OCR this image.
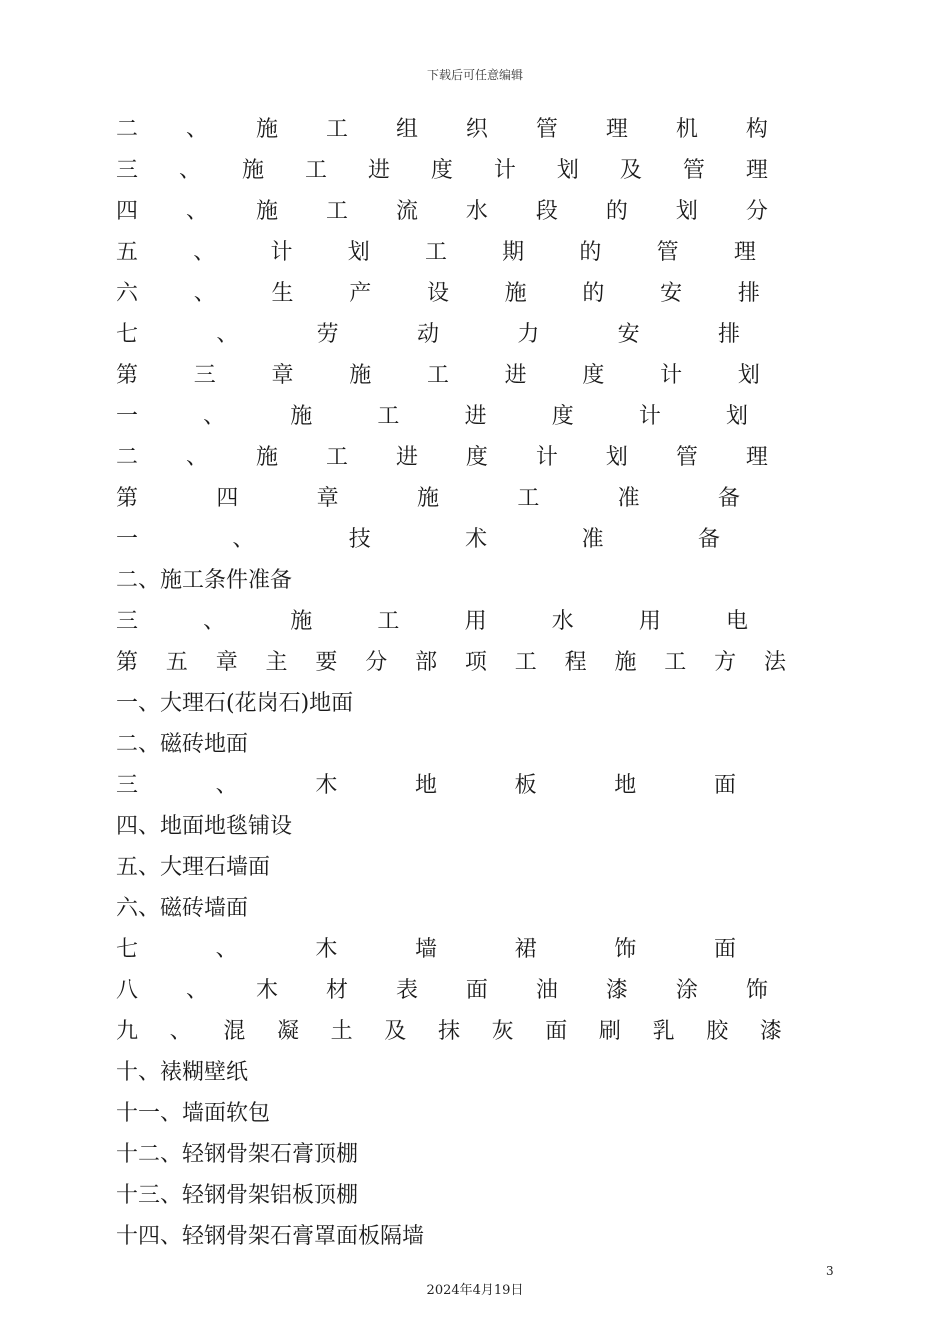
下载后可任意编辑
二 、 施 工 组 织 管 理 机 构
三 、 施 工 进 度 计 划 及 管 理
四 、 施 工 流 水 段 的 划 分
五	、	计	划	工	期	的	管	理
六	、	生	产	设	施	的	安	排
七	、	劳	动	力	安	排
第	三	章	施	工	进	度	计	划
一	、	施	工	进	度	计	划
二 、 施 工 进 度 计 划 管 理
第	四	章	施	工	准	备
一	、	技	术	准	备
二、施工条件准备
三	、	施	工	用	水	用	电
第 五 章 主 要 分 部 项 工 程 施 工 方 法
一、大理石(花岗石)地面
二、磁砖地面
三	、	木	地	板	地	面
四、地面地毯铺设
五、大理石墙面
六、磁砖墙面
七	、	木	墙	裙	饰	面
八 、 木 材 表 面 油 漆 涂 饰
九 、 混 凝 土 及 抹 灰 面 刷 乳 胶 漆
十、裱糊壁纸
十一、墙面软包
十二、轻钢骨架石膏顶棚
十三、轻钢骨架铝板顶棚
十四、轻钢骨架石膏罩面板隔墙
3
2024年4月19日
